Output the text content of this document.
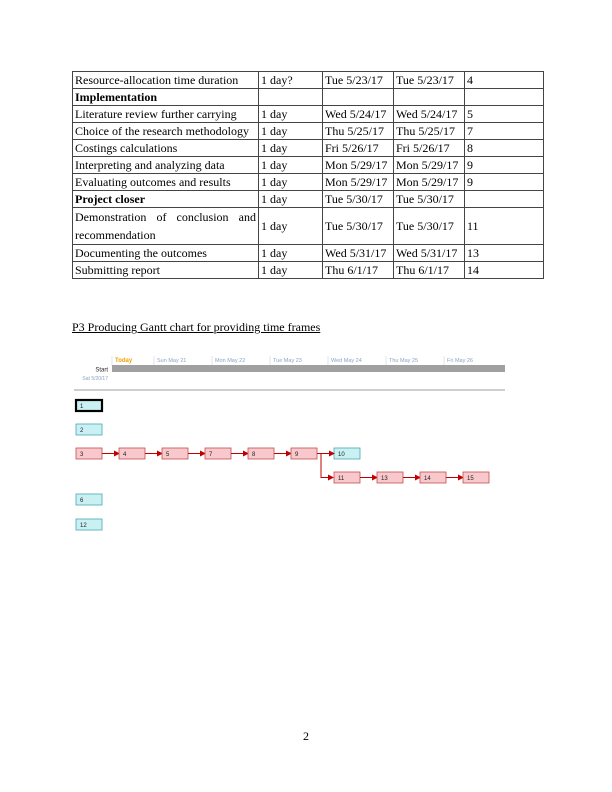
Resource-allocation time duration	1 day?	Tue 5/23/17	Tue 5/23/17	4
Implementation				
Literature review further carrying	1 day	Wed 5/24/17	Wed 5/24/17	5
Choice of the research methodology	1 day	Thu 5/25/17	Thu 5/25/17	7
Costings calculations	1 day	Fri 5/26/17	Fri 5/26/17	8
Interpreting and analyzing data	1 day	Mon 5/29/17	Mon 5/29/17	9
Evaluating outcomes and results	1 day	Mon 5/29/17	Mon 5/29/17	9
Project closer	1 day	Tue 5/30/17	Tue 5/30/17	
Demonstration of conclusion and recommendation	1 day	Tue 5/30/17	Tue 5/30/17	11
Documenting the outcomes	1 day	Wed 5/31/17	Wed 5/31/17	13
Submitting report	1 day	Thu 6/1/17	Thu 6/1/17	14
P3 Producing Gantt chart for providing time frames
Today	Sun May 21	Mon May 22	Tue May 23	Wed May 24	Thu May 25	Fri May 26
Start
Sat 5/20/17
1
2
6
12
3	4	5	7	8	9	10
11	13	14	15
2
